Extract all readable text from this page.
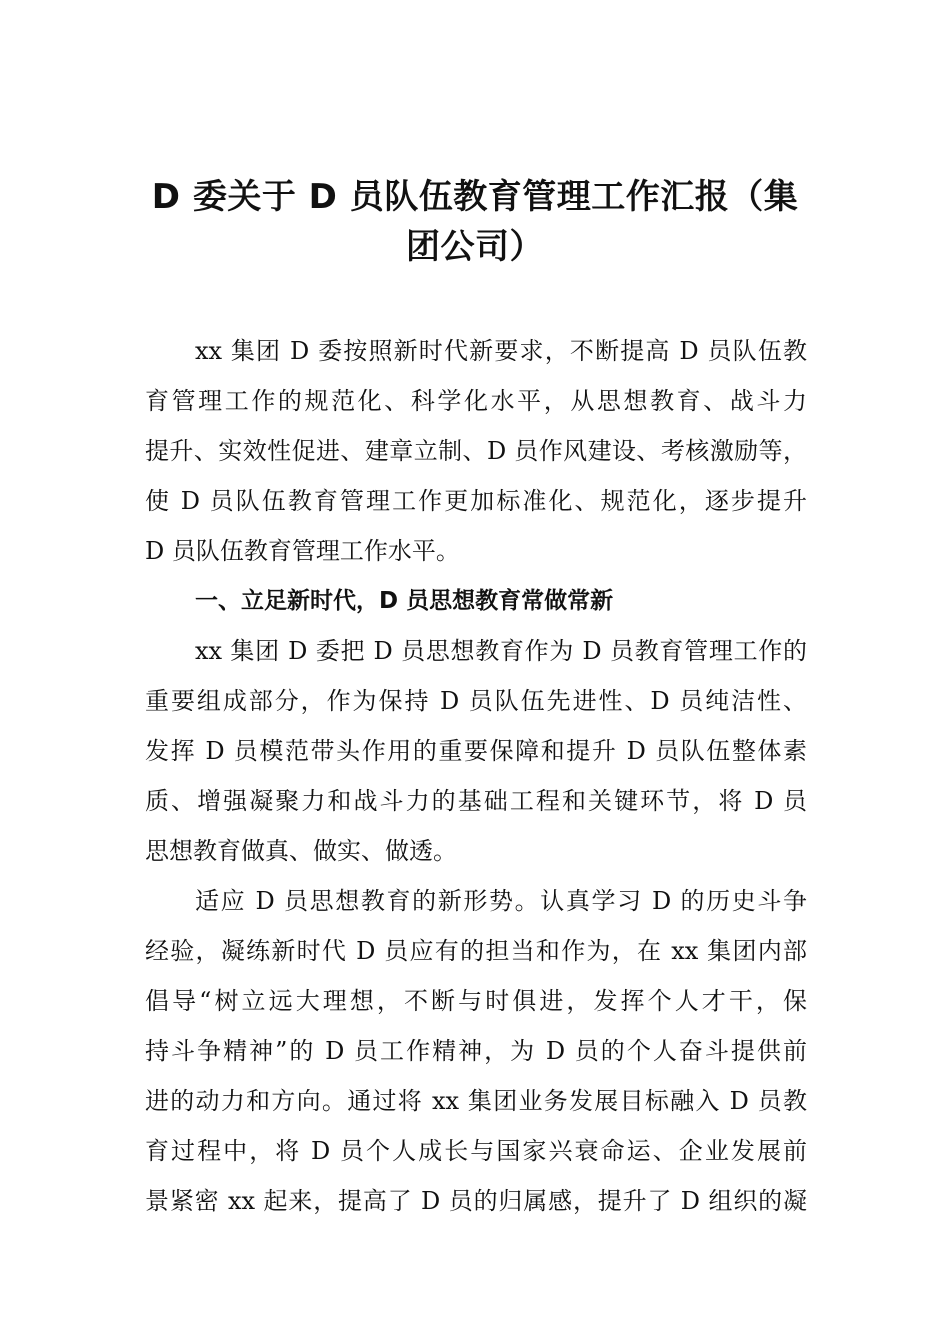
D 委关于 D 员队伍教育管理工作汇报（集
团公司）
xx 集团 D 委按照新时代新要求，不断提高 D 员队伍教
育管理工作的规范化、科学化水平，从思想教育、战斗力
提升、实效性促进、建章立制、D 员作风建设、考核激励等，
使 D 员队伍教育管理工作更加标准化、规范化，逐步提升
D 员队伍教育管理工作水平。
一、立足新时代，D 员思想教育常做常新
xx 集团 D 委把 D 员思想教育作为 D 员教育管理工作的
重要组成部分，作为保持 D 员队伍先进性、D 员纯洁性、
发挥 D 员模范带头作用的重要保障和提升 D 员队伍整体素
质、增强凝聚力和战斗力的基础工程和关键环节，将 D 员
思想教育做真、做实、做透。
适应 D 员思想教育的新形势。认真学习 D 的历史斗争
经验，凝练新时代 D 员应有的担当和作为，在 xx 集团内部
倡导“树立远大理想，不断与时俱进，发挥个人才干，保
持斗争精神”的 D 员工作精神，为 D 员的个人奋斗提供前
进的动力和方向。通过将 xx 集团业务发展目标融入 D 员教
育过程中，将 D 员个人成长与国家兴衰命运、企业发展前
景紧密 xx 起来，提高了 D 员的归属感，提升了 D 组织的凝
